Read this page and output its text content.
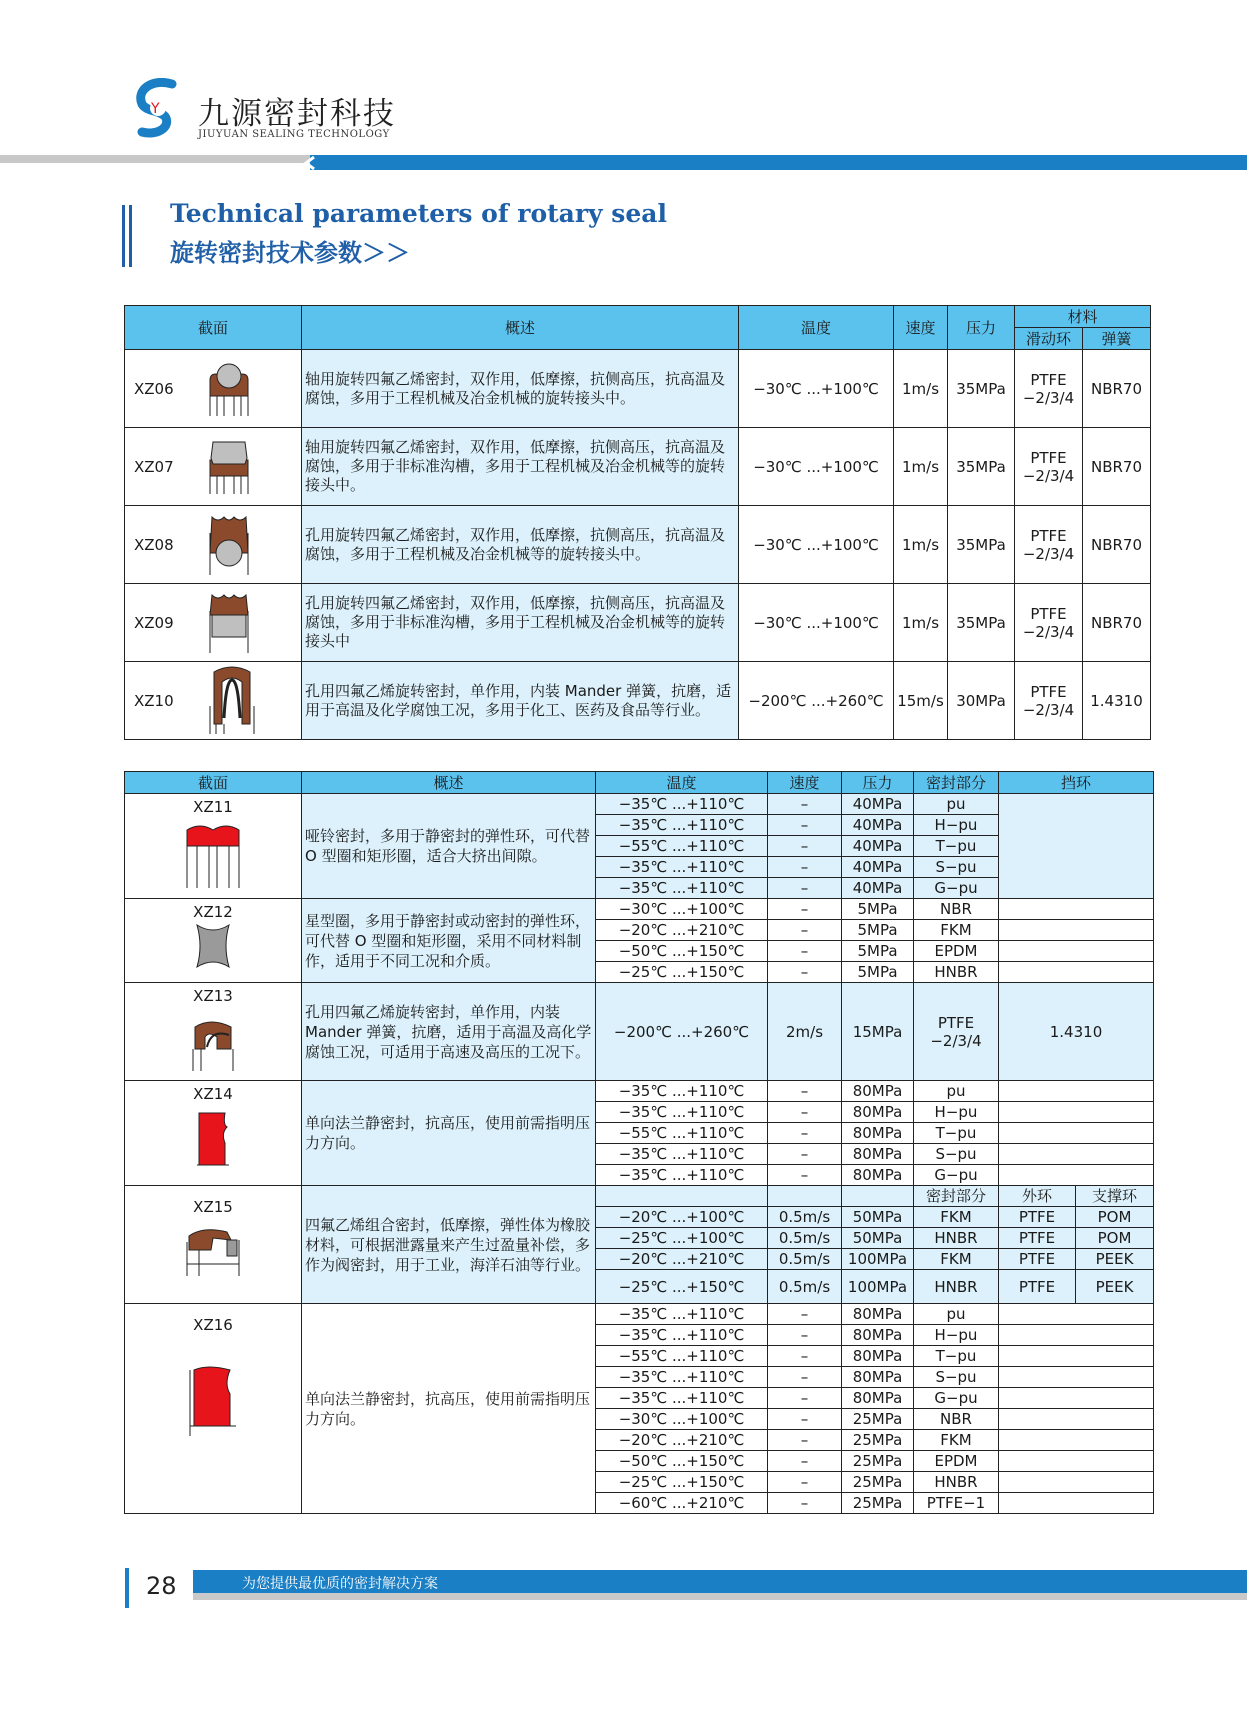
Y 九源密封科技
JIUYUAN SEALING TECHNOLOGY
Technical parameters of rotary seal
旋转密封技术参数＞＞
截面	概述	温度	速度	压力	材料	
					滑动环	弹簧

XZ06	轴用旋转四氟乙烯密封，双作用，低摩擦，抗侧高压，抗高温及腐蚀，多用于工程机械及冶金机械的旋转接头中。	−30℃ ...+100℃	1m/s	35MPa	PTFE −2/3/4	NBR70

XZ07	轴用旋转四氟乙烯密封，双作用，低摩擦，抗侧高压，抗高温及腐蚀，多用于非标准沟槽，多用于工程机械及冶金机械等的旋转接头中。	−30℃ ...+100℃	1m/s	35MPa	PTFE −2/3/4	NBR70

XZ08	孔用旋转四氟乙烯密封，双作用，低摩擦，抗侧高压，抗高温及腐蚀，多用于工程机械及冶金机械等的旋转接头中。	−30℃ ...+100℃	1m/s	35MPa	PTFE −2/3/4	NBR70

XZ09	孔用旋转四氟乙烯密封，双作用，低摩擦，抗侧高压，抗高温及腐蚀，多用于非标准沟槽，多用于工程机械及冶金机械等的旋转接头中	−30℃ ...+100℃	1m/s	35MPa	PTFE −2/3/4	NBR70

XZ10	孔用四氟乙烯旋转密封，单作用，内装 Mander 弹簧，抗磨，适用于高温及化学腐蚀工况，多用于化工、医药及食品等行业。	−200℃ ...+260℃	15m/s	30MPa	PTFE −2/3/4	1.4310
截面	概述	温度	速度	压力	密封部分	挡环	

XZ11	哑铃密封，多用于静密封的弹性环，可代替 O 型圈和矩形圈，适合大挤出间隙。	−35℃ ...+110℃	–	40MPa	pu		
		−35℃ ...+110℃	–	40MPa	H−pu		
		−55℃ ...+110℃	–	40MPa	T−pu		
		−35℃ ...+110℃	–	40MPa	S−pu		
		−35℃ ...+110℃	–	40MPa	G−pu		

XZ12	星型圈，多用于静密封或动密封的弹性环，可代替 O 型圈和矩形圈，采用不同材料制作，适用于不同工况和介质。	−30℃ ...+100℃	–	5MPa	NBR		
		−20℃ ...+210℃	–	5MPa	FKM		
		−50℃ ...+150℃	–	5MPa	EPDM		
		−25℃ ...+150℃	–	5MPa	HNBR		

XZ13	孔用四氟乙烯旋转密封，单作用，内装 Mander 弹簧，抗磨，适用于高温及高化学腐蚀工况，可适用于高速及高压的工况下。	−200℃ ...+260℃	2m/s	15MPa	PTFE −2/3/4	1.4310	

XZ14	单向法兰静密封，抗高压，使用前需指明压力方向。	−35℃ ...+110℃	–	80MPa	pu		
		−35℃ ...+110℃	–	80MPa	H−pu		
		−55℃ ...+110℃	–	80MPa	T−pu		
		−35℃ ...+110℃	–	80MPa	S−pu		
		−35℃ ...+110℃	–	80MPa	G−pu		

XZ15	四氟乙烯组合密封，低摩擦，弹性体为橡胶材料，可根据泄露量来产生过盈量补偿，多作为阀密封，用于工业，海洋石油等行业。				密封部分	外环	支撑环
		−20℃ ...+100℃	0.5m/s	50MPa	FKM	PTFE	POM
		−25℃ ...+100℃	0.5m/s	50MPa	HNBR	PTFE	POM
		−20℃ ...+210℃	0.5m/s	100MPa	FKM	PTFE	PEEK
		−25℃ ...+150℃	0.5m/s	100MPa	HNBR	PTFE	PEEK

XZ16	单向法兰静密封，抗高压，使用前需指明压力方向。	−35℃ ...+110℃	–	80MPa	pu		
		−35℃ ...+110℃	–	80MPa	H−pu		
		−55℃ ...+110℃	–	80MPa	T−pu		
		−35℃ ...+110℃	–	80MPa	S−pu		
		−35℃ ...+110℃	–	80MPa	G−pu		
		−30℃ ...+100℃	–	25MPa	NBR		
		−20℃ ...+210℃	–	25MPa	FKM		
		−50℃ ...+150℃	–	25MPa	EPDM		
		−25℃ ...+150℃	–	25MPa	HNBR		
		−60℃ ...+210℃	–	25MPa	PTFE−1		
28	为您提供最优质的密封解决方案
